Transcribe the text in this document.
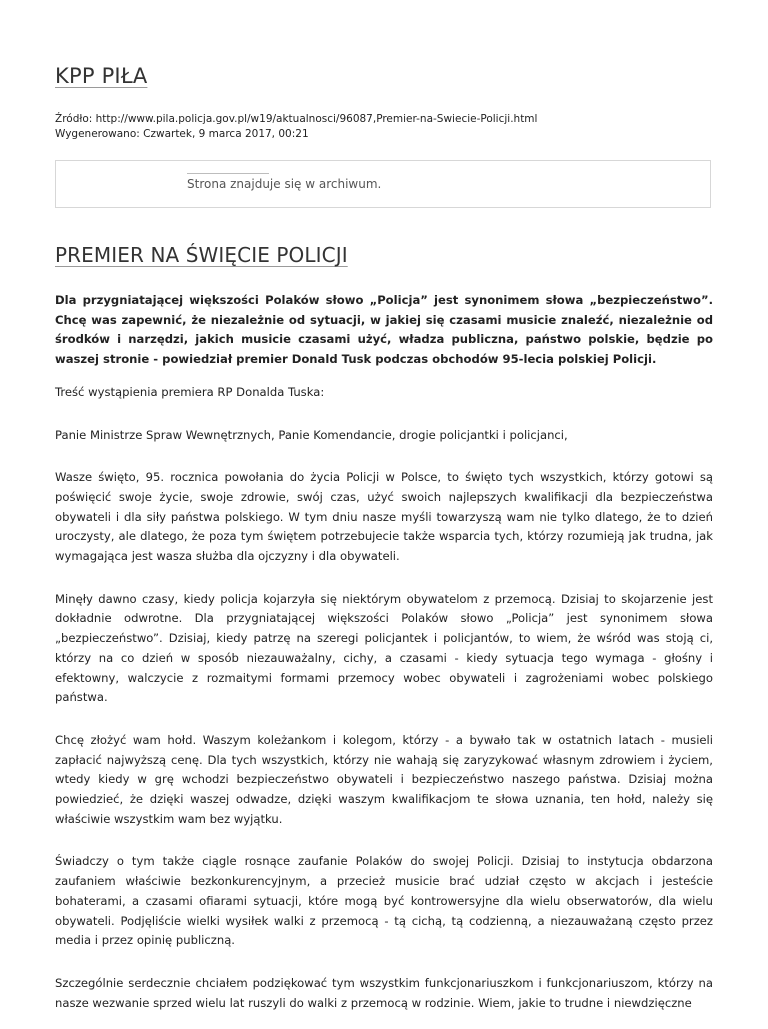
KPP PIŁA
Źródło: http://www.pila.policja.gov.pl/w19/aktualnosci/96087,Premier-na-Swiecie-Policji.html
Wygenerowano: Czwartek, 9 marca 2017, 00:21
Strona znajduje się w archiwum.
PREMIER NA ŚWIĘCIE POLICJI

Dla przygniatającej większości Polaków słowo „Policja” jest synonimem słowa „bezpieczeństwo”. Chcę was zapewnić, że niezależnie od sytuacji, w jakiej się czasami musicie znaleźć, niezależnie od środków i narzędzi, jakich musicie czasami użyć, władza publiczna, państwo polskie, będzie po waszej stronie - powiedział premier Donald Tusk podczas obchodów 95-lecia polskiej Policji.

Treść wystąpienia premiera RP Donalda Tuska:

Panie Ministrze Spraw Wewnętrznych, Panie Komendancie, drogie policjantki i policjanci,

Wasze święto, 95. rocznica powołania do życia Policji w Polsce, to święto tych wszystkich, którzy gotowi są poświęcić swoje życie, swoje zdrowie, swój czas, użyć swoich najlepszych kwalifikacji dla bezpieczeństwa obywateli i dla siły państwa polskiego. W tym dniu nasze myśli towarzyszą wam nie tylko dlatego, że to dzień uroczysty, ale dlatego, że poza tym świętem potrzebujecie także wsparcia tych, którzy rozumieją jak trudna, jak wymagająca jest wasza służba dla ojczyzny i dla obywateli.

Minęły dawno czasy, kiedy policja kojarzyła się niektórym obywatelom z przemocą. Dzisiaj to skojarzenie jest dokładnie odwrotne. Dla przygniatającej większości Polaków słowo „Policja” jest synonimem słowa „bezpieczeństwo”. Dzisiaj, kiedy patrzę na szeregi policjantek i policjantów, to wiem, że wśród was stoją ci, którzy na co dzień w sposób niezauważalny, cichy, a czasami - kiedy sytuacja tego wymaga - głośny i efektowny, walczycie z rozmaitymi formami przemocy wobec obywateli i zagrożeniami wobec polskiego państwa.

Chcę złożyć wam hołd. Waszym koleżankom i kolegom, którzy - a bywało tak w ostatnich latach - musieli zapłacić najwyższą cenę. Dla tych wszystkich, którzy nie wahają się zaryzykować własnym zdrowiem i życiem, wtedy kiedy w grę wchodzi bezpieczeństwo obywateli i bezpieczeństwo naszego państwa. Dzisiaj można powiedzieć, że dzięki waszej odwadze, dzięki waszym kwalifikacjom te słowa uznania, ten hołd, należy się właściwie wszystkim wam bez wyjątku.

Świadczy o tym także ciągle rosnące zaufanie Polaków do swojej Policji. Dzisiaj to instytucja obdarzona zaufaniem właściwie bezkonkurencyjnym, a przecież musicie brać udział często w akcjach i jesteście bohaterami, a czasami ofiarami sytuacji, które mogą być kontrowersyjne dla wielu obserwatorów, dla wielu obywateli. Podjęliście wielki wysiłek walki z przemocą - tą cichą, tą codzienną, a niezauważaną często przez media i przez opinię publiczną.

Szczególnie serdecznie chciałem podziękować tym wszystkim funkcjonariuszkom i funkcjonariuszom, którzy na nasze wezwanie sprzed wielu lat ruszyli do walki z przemocą w rodzinie. Wiem, jakie to trudne i niewdzięczne
